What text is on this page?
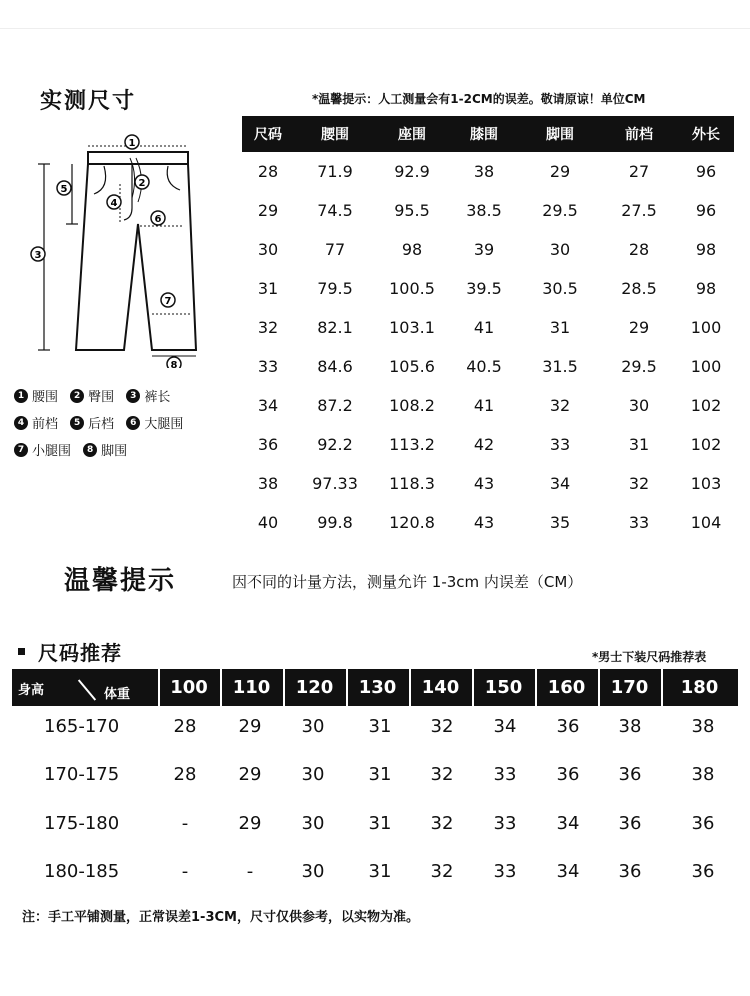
实测尺寸	*温馨提示：人工测量会有1-2CM的误差。敬请原谅！单位CM
1
2
3
4
5
6
7
8
1 腰围 2 臀围 3 裤长
4 前档 5 后档 6 大腿围
7 小腿围 8 脚围
尺码	腰围	座围	膝围	脚围	前档	外长
28	71.9	92.9	38	29	27	96
29	74.5	95.5	38.5	29.5	27.5	96
30	77	98	39	30	28	98
31	79.5	100.5	39.5	30.5	28.5	98
32	82.1	103.1	41	31	29	100
33	84.6	105.6	40.5	31.5	29.5	100
34	87.2	108.2	41	32	30	102
36	92.2	113.2	42	33	31	102
38	97.33	118.3	43	34	32	103
40	99.8	120.8	43	35	33	104
温馨提示	因不同的计量方法，测量允许 1-3cm 内误差（CM）
尺码推荐	*男士下装尺码推荐表
身高	体重	100	110	120	130	140	150	160	170	180
165-170	28	29	30	31	32	34	36	38	38
170-175	28	29	30	31	32	33	36	36	38
175-180	-	29	30	31	32	33	34	36	36
180-185	-	-	30	31	32	33	34	36	36
注：手工平铺测量，正常误差1-3CM，尺寸仅供参考，以实物为准。
